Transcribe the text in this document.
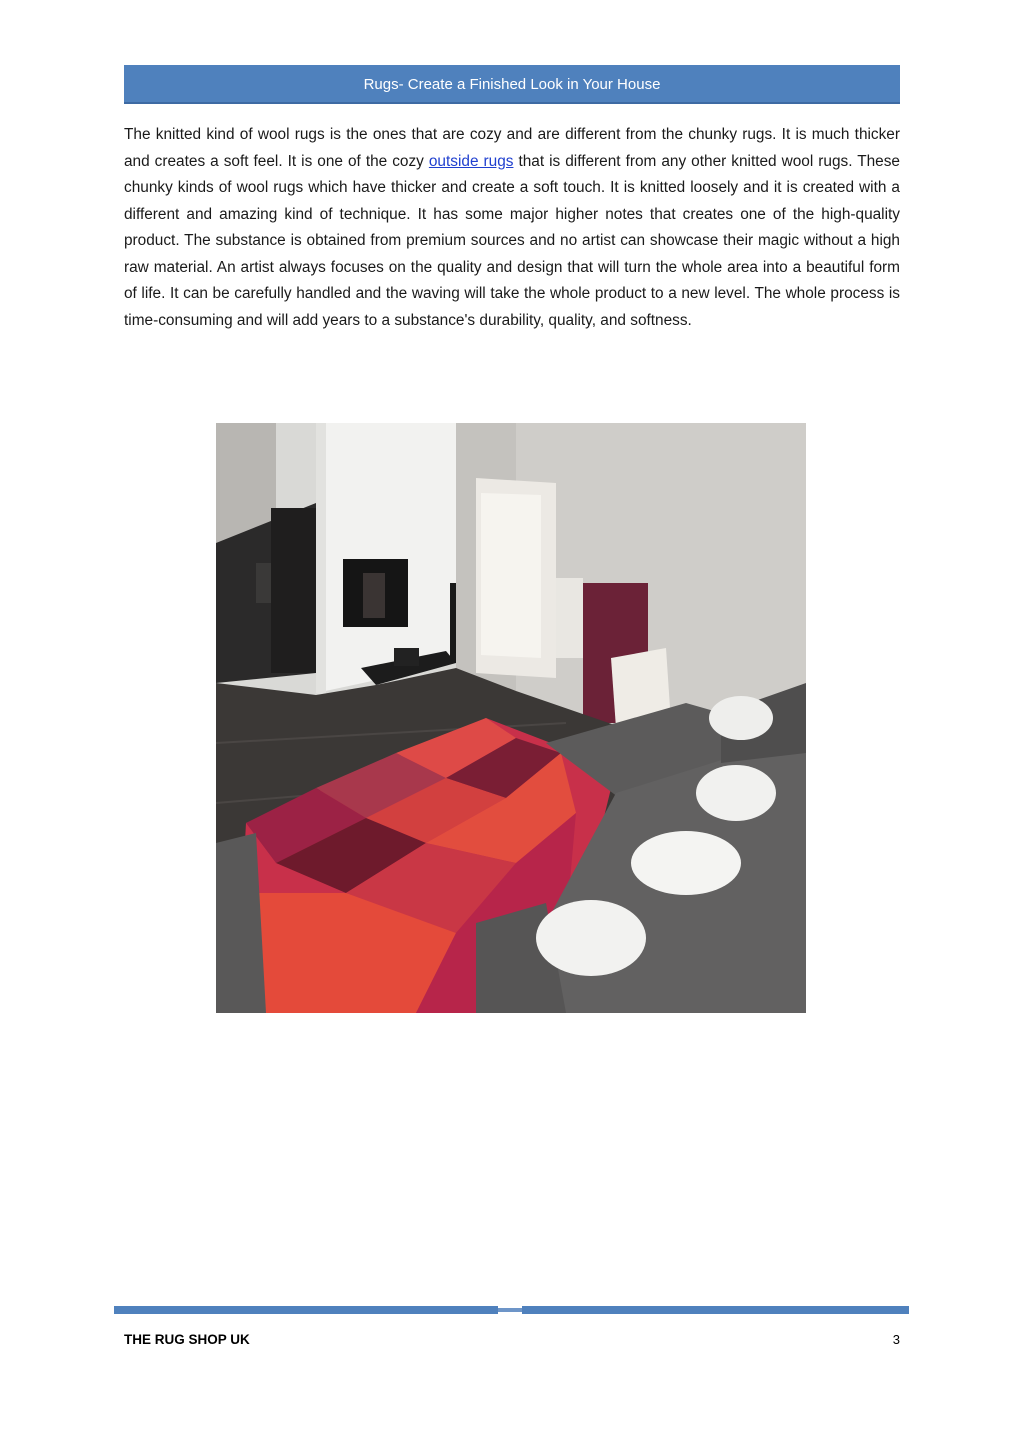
Rugs- Create a Finished Look in Your House

The knitted kind of wool rugs is the ones that are cozy and are different from the chunky rugs. It is much thicker and creates a soft feel. It is one of the cozy outside rugs that is different from any other knitted wool rugs. These chunky kinds of wool rugs which have thicker and create a soft touch. It is knitted loosely and it is created with a different and amazing kind of technique. It has some major higher notes that creates one of the high-quality product. The substance is obtained from premium sources and no artist can showcase their magic without a high raw material. An artist always focuses on the quality and design that will turn the whole area into a beautiful form of life. It can be carefully handled and the waving will take the whole product to a new level. The whole process is time-consuming and will add years to a substance's durability, quality, and softness.

THE RUG SHOP UK	3
